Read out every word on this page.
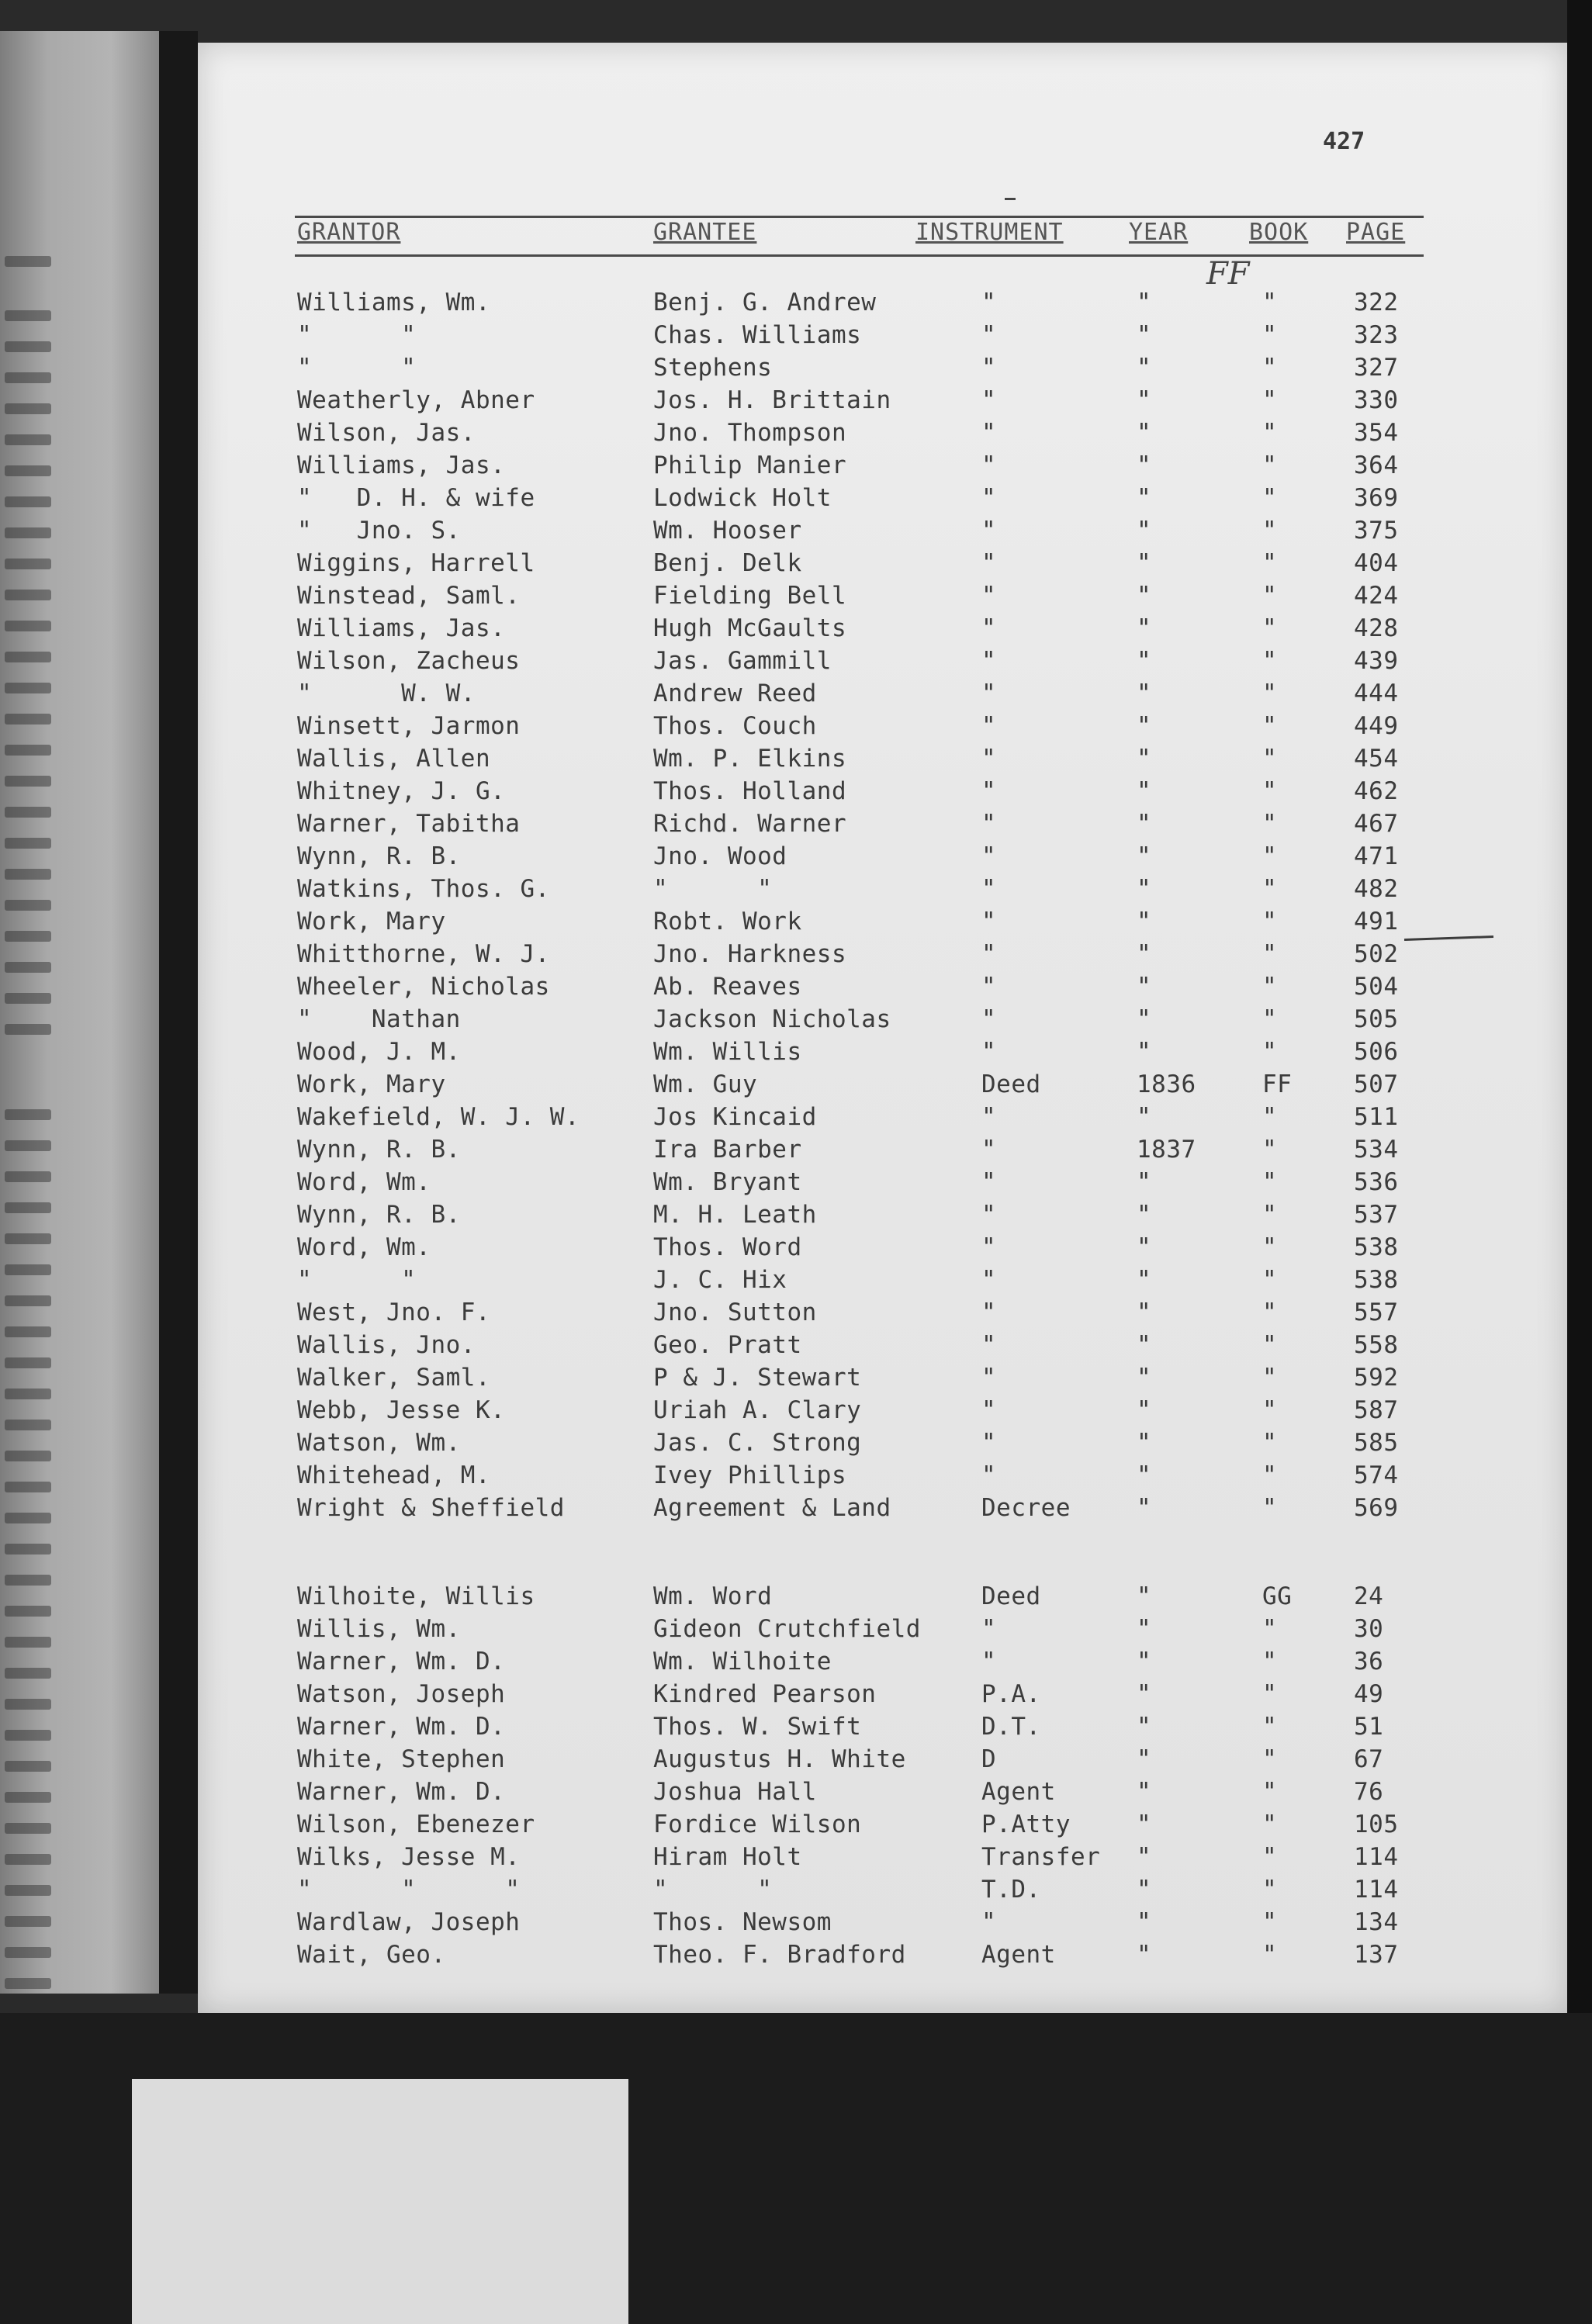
427
GRANTOR	GRANTEE	INSTRUMENT	YEAR	BOOK PAGE
FF
Williams, Wm.	Benj. G. Andrew	"	"	"	322
"      "	Chas. Williams	"	"	"	323
"      "	Stephens	"	"	"	327
Weatherly, Abner	Jos. H. Brittain	"	"	"	330
Wilson, Jas.	Jno. Thompson	"	"	"	354
Williams, Jas.	Philip Manier	"	"	"	364
"   D. H. & wife	Lodwick Holt	"	"	"	369
"   Jno. S.	Wm. Hooser	"	"	"	375
Wiggins, Harrell	Benj. Delk	"	"	"	404
Winstead, Saml.	Fielding Bell	"	"	"	424
Williams, Jas.	Hugh McGaults	"	"	"	428
Wilson, Zacheus	Jas. Gammill	"	"	"	439
"      W. W.	Andrew Reed	"	"	"	444
Winsett, Jarmon	Thos. Couch	"	"	"	449
Wallis, Allen	Wm. P. Elkins	"	"	"	454
Whitney, J. G.	Thos. Holland	"	"	"	462
Warner, Tabitha	Richd. Warner	"	"	"	467
Wynn, R. B.	Jno. Wood	"	"	"	471
Watkins, Thos. G.	"      "	"	"	"	482
Work, Mary	Robt. Work	"	"	"	491
Whitthorne, W. J.	Jno. Harkness	"	"	"	502
Wheeler, Nicholas	Ab. Reaves	"	"	"	504
"    Nathan	Jackson Nicholas	"	"	"	505
Wood, J. M.	Wm. Willis	"	"	"	506
Work, Mary	Wm. Guy	Deed	1836	FF	507
Wakefield, W. J. W.	Jos Kincaid	"	"	"	511
Wynn, R. B.	Ira Barber	"	1837	"	534
Word, Wm.	Wm. Bryant	"	"	"	536
Wynn, R. B.	M. H. Leath	"	"	"	537
Word, Wm.	Thos. Word	"	"	"	538
"      "	J. C. Hix	"	"	"	538
West, Jno. F.	Jno. Sutton	"	"	"	557
Wallis, Jno.	Geo. Pratt	"	"	"	558
Walker, Saml.	P & J. Stewart	"	"	"	592
Webb, Jesse K.	Uriah A. Clary	"	"	"	587
Watson, Wm.	Jas. C. Strong	"	"	"	585
Whitehead, M.	Ivey Phillips	"	"	"	574
Wright & Sheffield	Agreement & Land	Decree	"	"	569
Wilhoite, Willis	Wm. Word	Deed	"	GG	24
Willis, Wm.	Gideon Crutchfield	"	"	"	30
Warner, Wm. D.	Wm. Wilhoite	"	"	"	36
Watson, Joseph	Kindred Pearson	P.A.	"	"	49
Warner, Wm. D.	Thos. W. Swift	D.T.	"	"	51
White, Stephen	Augustus H. White	D	"	"	67
Warner, Wm. D.	Joshua Hall	Agent	"	"	76
Wilson, Ebenezer	Fordice Wilson	P.Atty	"	"	105
Wilks, Jesse M.	Hiram Holt	Transfer "	"	114
"      "      "	"      "	T.D.	"	"	114
Wardlaw, Joseph	Thos. Newsom	"	"	"	134
Wait, Geo.	Theo. F. Bradford	Agent	"	"	137
